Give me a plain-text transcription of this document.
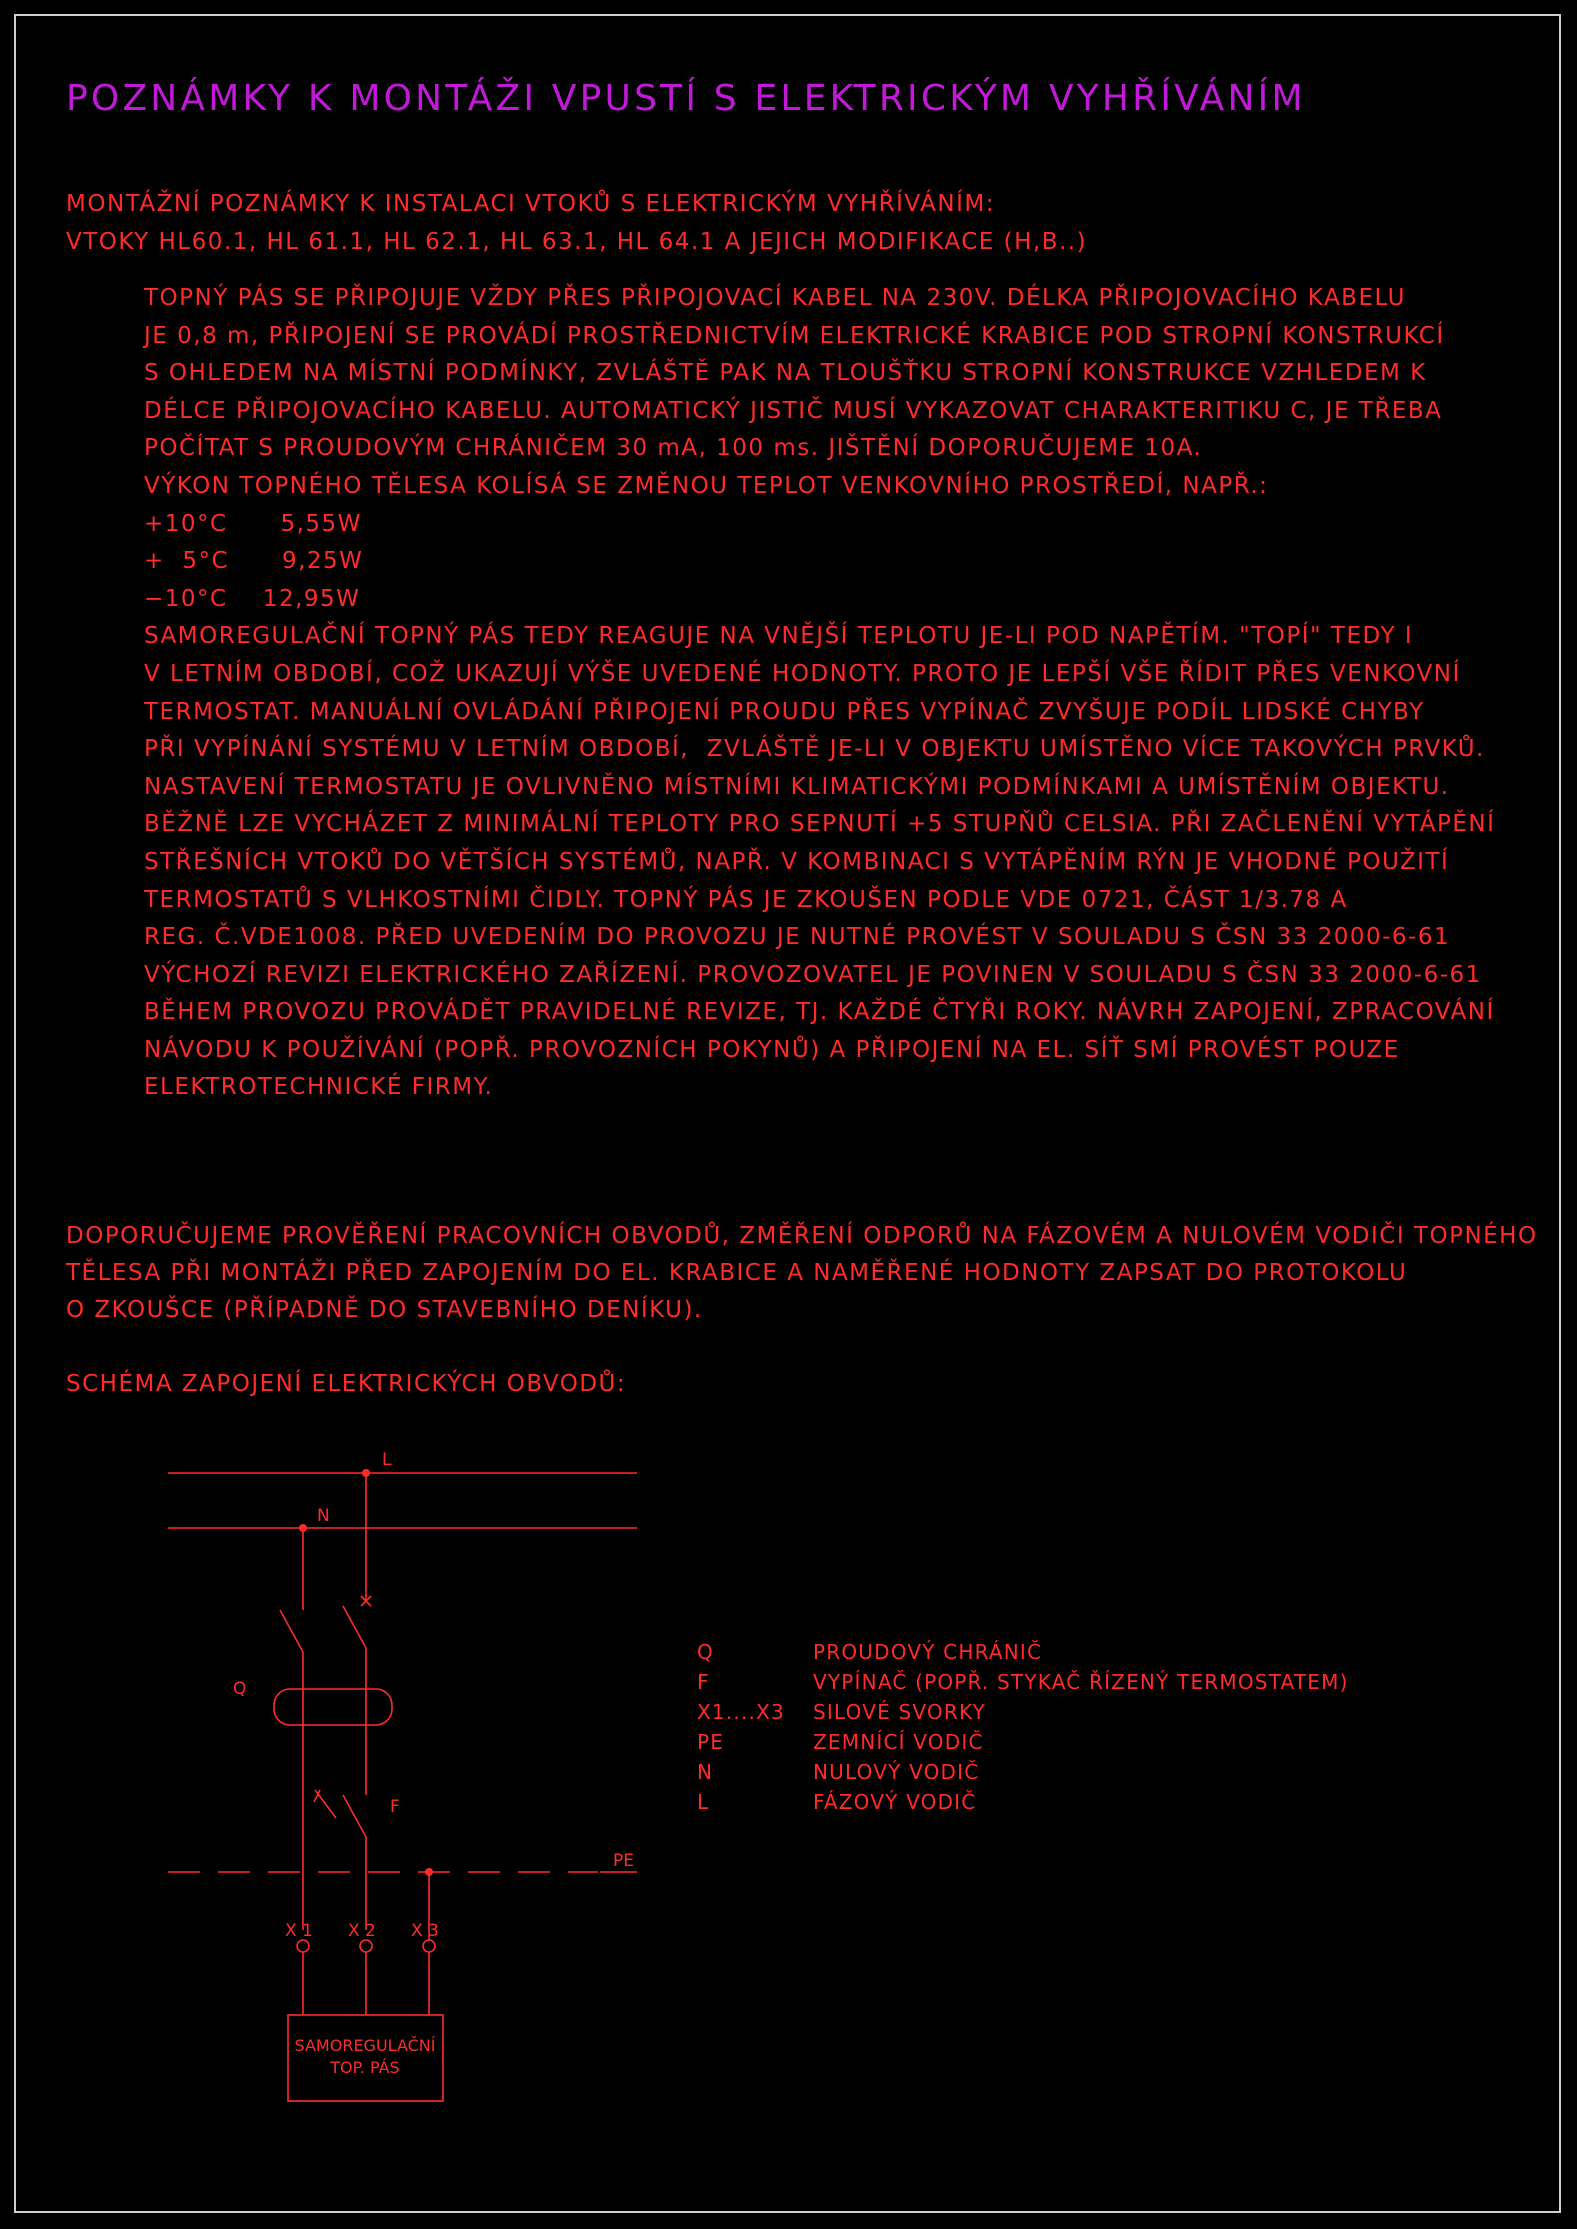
POZNÁMKY K MONTÁŽI VPUSTÍ S ELEKTRICKÝM VYHŘÍVÁNÍM
MONTÁŽNÍ POZNÁMKY K INSTALACI VTOKŮ S ELEKTRICKÝM VYHŘÍVÁNÍM:
VTOKY HL60.1, HL 61.1, HL 62.1, HL 63.1, HL 64.1 A JEJICH MODIFIKACE (H,B..)
TOPNÝ PÁS SE PŘIPOJUJE VŽDY PŘES PŘIPOJOVACÍ KABEL NA 230V. DÉLKA PŘIPOJOVACÍHO KABELU
JE 0,8 m, PŘIPOJENÍ SE PROVÁDÍ PROSTŘEDNICTVÍM ELEKTRICKÉ KRABICE POD STROPNÍ KONSTRUKCÍ
S OHLEDEM NA MÍSTNÍ PODMÍNKY, ZVLÁŠTĚ PAK NA TLOUŠŤKU STROPNÍ KONSTRUKCE VZHLEDEM K
DÉLCE PŘIPOJOVACÍHO KABELU. AUTOMATICKÝ JISTIČ MUSÍ VYKAZOVAT CHARAKTERITIKU C, JE TŘEBA
POČÍTAT S PROUDOVÝM CHRÁNIČEM 30 mA, 100 ms. JIŠTĚNÍ DOPORUČUJEME 10A.
VÝKON TOPNÉHO TĚLESA KOLÍSÁ SE ZMĚNOU TEPLOT VENKOVNÍHO PROSTŘEDÍ, NAPŘ.:
+10°C      5,55W
+  5°C      9,25W
−10°C    12,95W
SAMOREGULAČNÍ TOPNÝ PÁS TEDY REAGUJE NA VNĚJŠÍ TEPLOTU JE-LI POD NAPĚTÍM. "TOPÍ" TEDY I
V LETNÍM OBDOBÍ, COŽ UKAZUJÍ VÝŠE UVEDENÉ HODNOTY. PROTO JE LEPŠÍ VŠE ŘÍDIT PŘES VENKOVNÍ
TERMOSTAT. MANUÁLNÍ OVLÁDÁNÍ PŘIPOJENÍ PROUDU PŘES VYPÍNAČ ZVYŠUJE PODÍL LIDSKÉ CHYBY
PŘI VYPÍNÁNÍ SYSTÉMU V LETNÍM OBDOBÍ,  ZVLÁŠTĚ JE-LI V OBJEKTU UMÍSTĚNO VÍCE TAKOVÝCH PRVKŮ.
NASTAVENÍ TERMOSTATU JE OVLIVNĚNO MÍSTNÍMI KLIMATICKÝMI PODMÍNKAMI A UMÍSTĚNÍM OBJEKTU.
BĚŽNĚ LZE VYCHÁZET Z MINIMÁLNÍ TEPLOTY PRO SEPNUTÍ +5 STUPŇŮ CELSIA. PŘI ZAČLENĚNÍ VYTÁPĚNÍ
STŘEŠNÍCH VTOKŮ DO VĚTŠÍCH SYSTÉMŮ, NAPŘ. V KOMBINACI S VYTÁPĚNÍM RÝN JE VHODNÉ POUŽITÍ
TERMOSTATŮ S VLHKOSTNÍMI ČIDLY. TOPNÝ PÁS JE ZKOUŠEN PODLE VDE 0721, ČÁST 1/3.78 A
REG. Č.VDE1008. PŘED UVEDENÍM DO PROVOZU JE NUTNÉ PROVÉST V SOULADU S ČSN 33 2000-6-61
VÝCHOZÍ REVIZI ELEKTRICKÉHO ZAŘÍZENÍ. PROVOZOVATEL JE POVINEN V SOULADU S ČSN 33 2000-6-61
BĚHEM PROVOZU PROVÁDĚT PRAVIDELNÉ REVIZE, TJ. KAŽDÉ ČTYŘI ROKY. NÁVRH ZAPOJENÍ, ZPRACOVÁNÍ
NÁVODU K POUŽÍVÁNÍ (POPŘ. PROVOZNÍCH POKYNŮ) A PŘIPOJENÍ NA EL. SÍŤ SMÍ PROVÉST POUZE
ELEKTROTECHNICKÉ FIRMY.
DOPORUČUJEME PROVĚŘENÍ PRACOVNÍCH OBVODŮ, ZMĚŘENÍ ODPORŮ NA FÁZOVÉM A NULOVÉM VODIČI TOPNÉHO
TĚLESA PŘI MONTÁŽI PŘED ZAPOJENÍM DO EL. KRABICE A NAMĚŘENÉ HODNOTY ZAPSAT DO PROTOKOLU
O ZKOUŠCE (PŘÍPADNĚ DO STAVEBNÍHO DENÍKU).
SCHÉMA ZAPOJENÍ ELEKTRICKÝCH OBVODŮ:
L
N
Q
F
PE
X 1 X 2 X 3
SAMOREGULAČNÍ
TOP. PÁS
Q	PROUDOVÝ CHRÁNIČ
F	VYPÍNAČ (POPŘ. STYKAČ ŘÍZENÝ TERMOSTATEM)
X1....X3	SILOVÉ SVORKY
PE	ZEMNÍCÍ VODIČ
N	NULOVÝ VODIČ
L	FÁZOVÝ VODIČ
